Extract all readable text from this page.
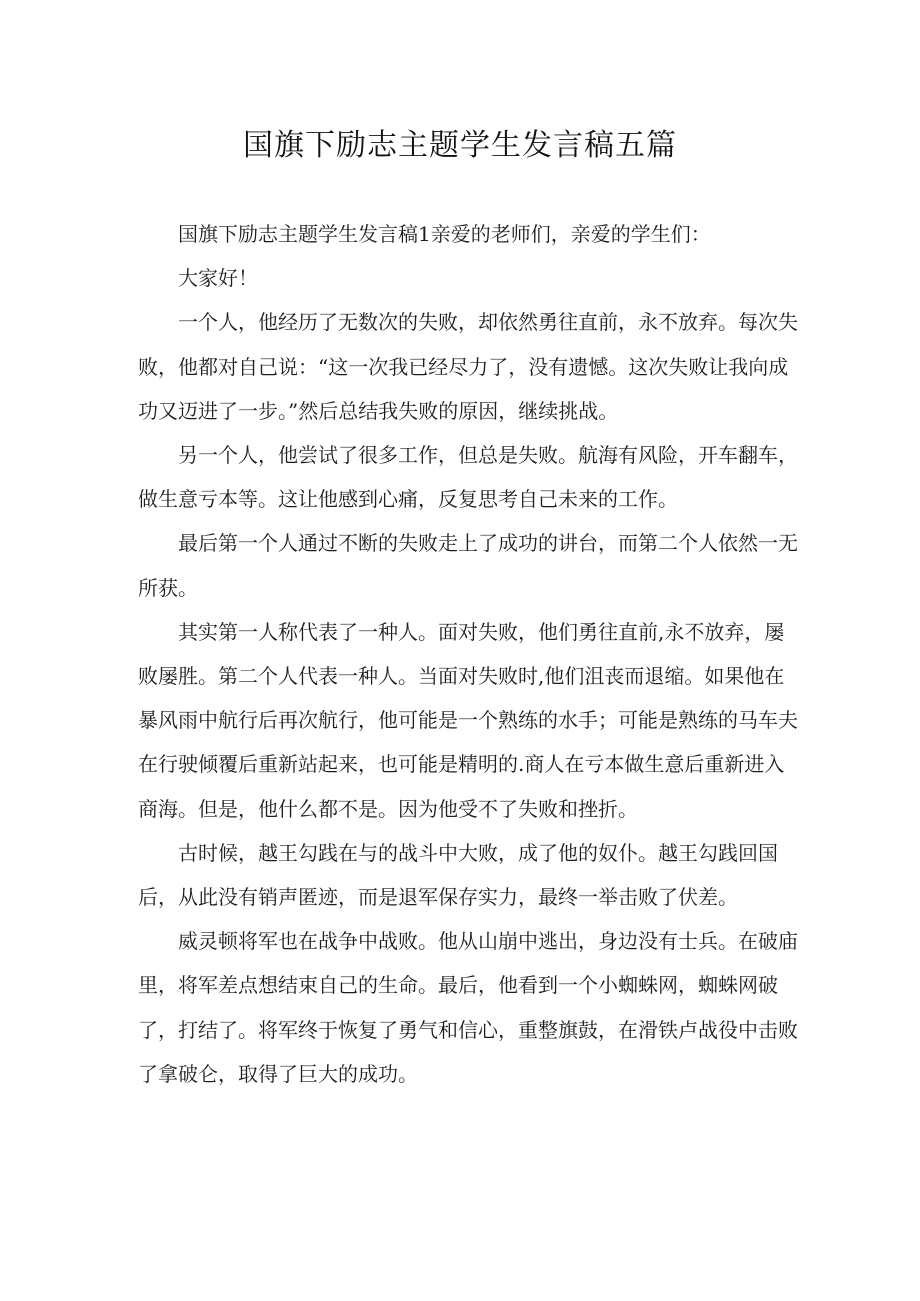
国旗下励志主题学生发言稿五篇

国旗下励志主题学生发言稿1亲爱的老师们，亲爱的学生们：

大家好！

一个人，他经历了无数次的失败，却依然勇往直前，永不放弃。每次失败，他都对自己说：“这一次我已经尽力了，没有遗憾。这次失败让我向成功又迈进了一步。”然后总结我失败的原因，继续挑战。

另一个人，他尝试了很多工作，但总是失败。航海有风险，开车翻车，做生意亏本等。这让他感到心痛，反复思考自己未来的工作。

最后第一个人通过不断的失败走上了成功的讲台，而第二个人依然一无所获。

其实第一人称代表了一种人。面对失败，他们勇往直前,永不放弃，屡败屡胜。第二个人代表一种人。当面对失败时,他们沮丧而退缩。如果他在暴风雨中航行后再次航行，他可能是一个熟练的水手；可能是熟练的马车夫在行驶倾覆后重新站起来，也可能是精明的.商人在亏本做生意后重新进入商海。但是，他什么都不是。因为他受不了失败和挫折。

古时候，越王勾践在与的战斗中大败，成了他的奴仆。越王勾践回国后，从此没有销声匿迹，而是退军保存实力，最终一举击败了伏差。

威灵顿将军也在战争中战败。他从山崩中逃出，身边没有士兵。在破庙里，将军差点想结束自己的生命。最后，他看到一个小蜘蛛网，蜘蛛网破了，打结了。将军终于恢复了勇气和信心，重整旗鼓，在滑铁卢战役中击败了拿破仑，取得了巨大的成功。
